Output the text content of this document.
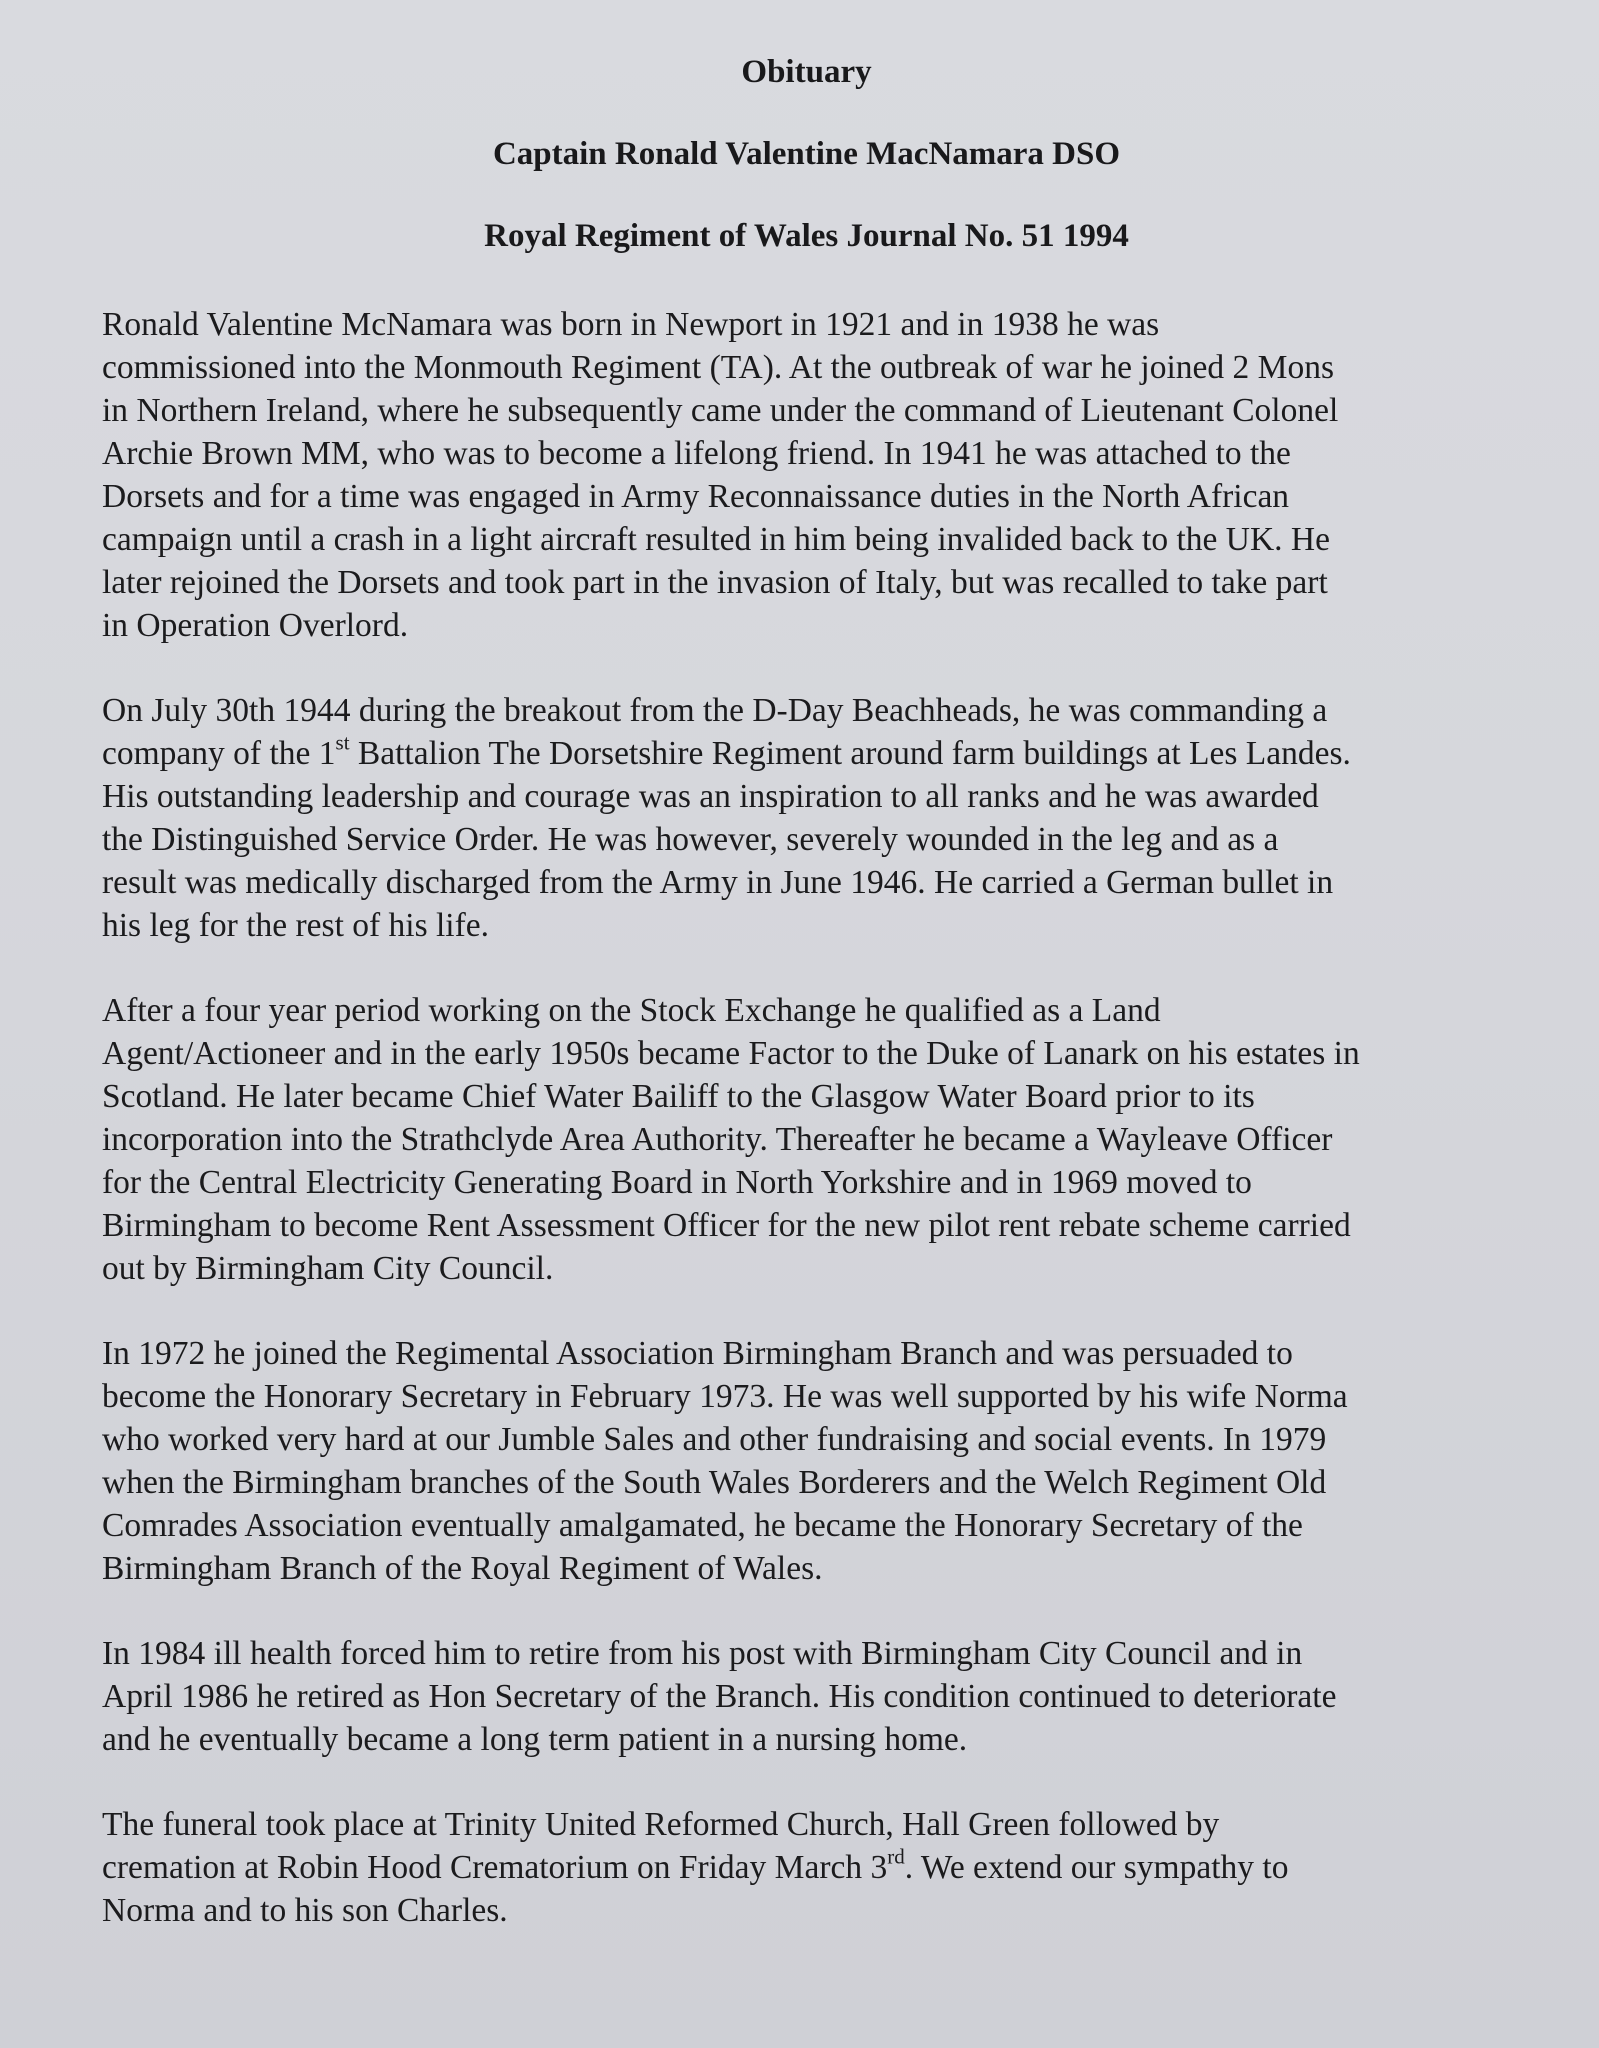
Obituary
Captain Ronald Valentine MacNamara DSO
Royal Regiment of Wales Journal No. 51 1994

Ronald Valentine McNamara was born in Newport in 1921 and in 1938 he was
commissioned into the Monmouth Regiment (TA). At the outbreak of war he joined 2 Mons
in Northern Ireland, where he subsequently came under the command of Lieutenant Colonel
Archie Brown MM, who was to become a lifelong friend. In 1941 he was attached to the
Dorsets and for a time was engaged in Army Reconnaissance duties in the North African
campaign until a crash in a light aircraft resulted in him being invalided back to the UK. He
later rejoined the Dorsets and took part in the invasion of Italy, but was recalled to take part
in Operation Overlord.

On July 30th 1944 during the breakout from the D-Day Beachheads, he was commanding a
company of the 1st Battalion The Dorsetshire Regiment around farm buildings at Les Landes.
His outstanding leadership and courage was an inspiration to all ranks and he was awarded
the Distinguished Service Order. He was however, severely wounded in the leg and as a
result was medically discharged from the Army in June 1946. He carried a German bullet in
his leg for the rest of his life.

After a four year period working on the Stock Exchange he qualified as a Land
Agent/Actioneer and in the early 1950s became Factor to the Duke of Lanark on his estates in
Scotland. He later became Chief Water Bailiff to the Glasgow Water Board prior to its
incorporation into the Strathclyde Area Authority. Thereafter he became a Wayleave Officer
for the Central Electricity Generating Board in North Yorkshire and in 1969 moved to
Birmingham to become Rent Assessment Officer for the new pilot rent rebate scheme carried
out by Birmingham City Council.

In 1972 he joined the Regimental Association Birmingham Branch and was persuaded to
become the Honorary Secretary in February 1973. He was well supported by his wife Norma
who worked very hard at our Jumble Sales and other fundraising and social events. In 1979
when the Birmingham branches of the South Wales Borderers and the Welch Regiment Old
Comrades Association eventually amalgamated, he became the Honorary Secretary of the
Birmingham Branch of the Royal Regiment of Wales.

In 1984 ill health forced him to retire from his post with Birmingham City Council and in
April 1986 he retired as Hon Secretary of the Branch. His condition continued to deteriorate
and he eventually became a long term patient in a nursing home.

The funeral took place at Trinity United Reformed Church, Hall Green followed by
cremation at Robin Hood Crematorium on Friday March 3rd. We extend our sympathy to
Norma and to his son Charles.
